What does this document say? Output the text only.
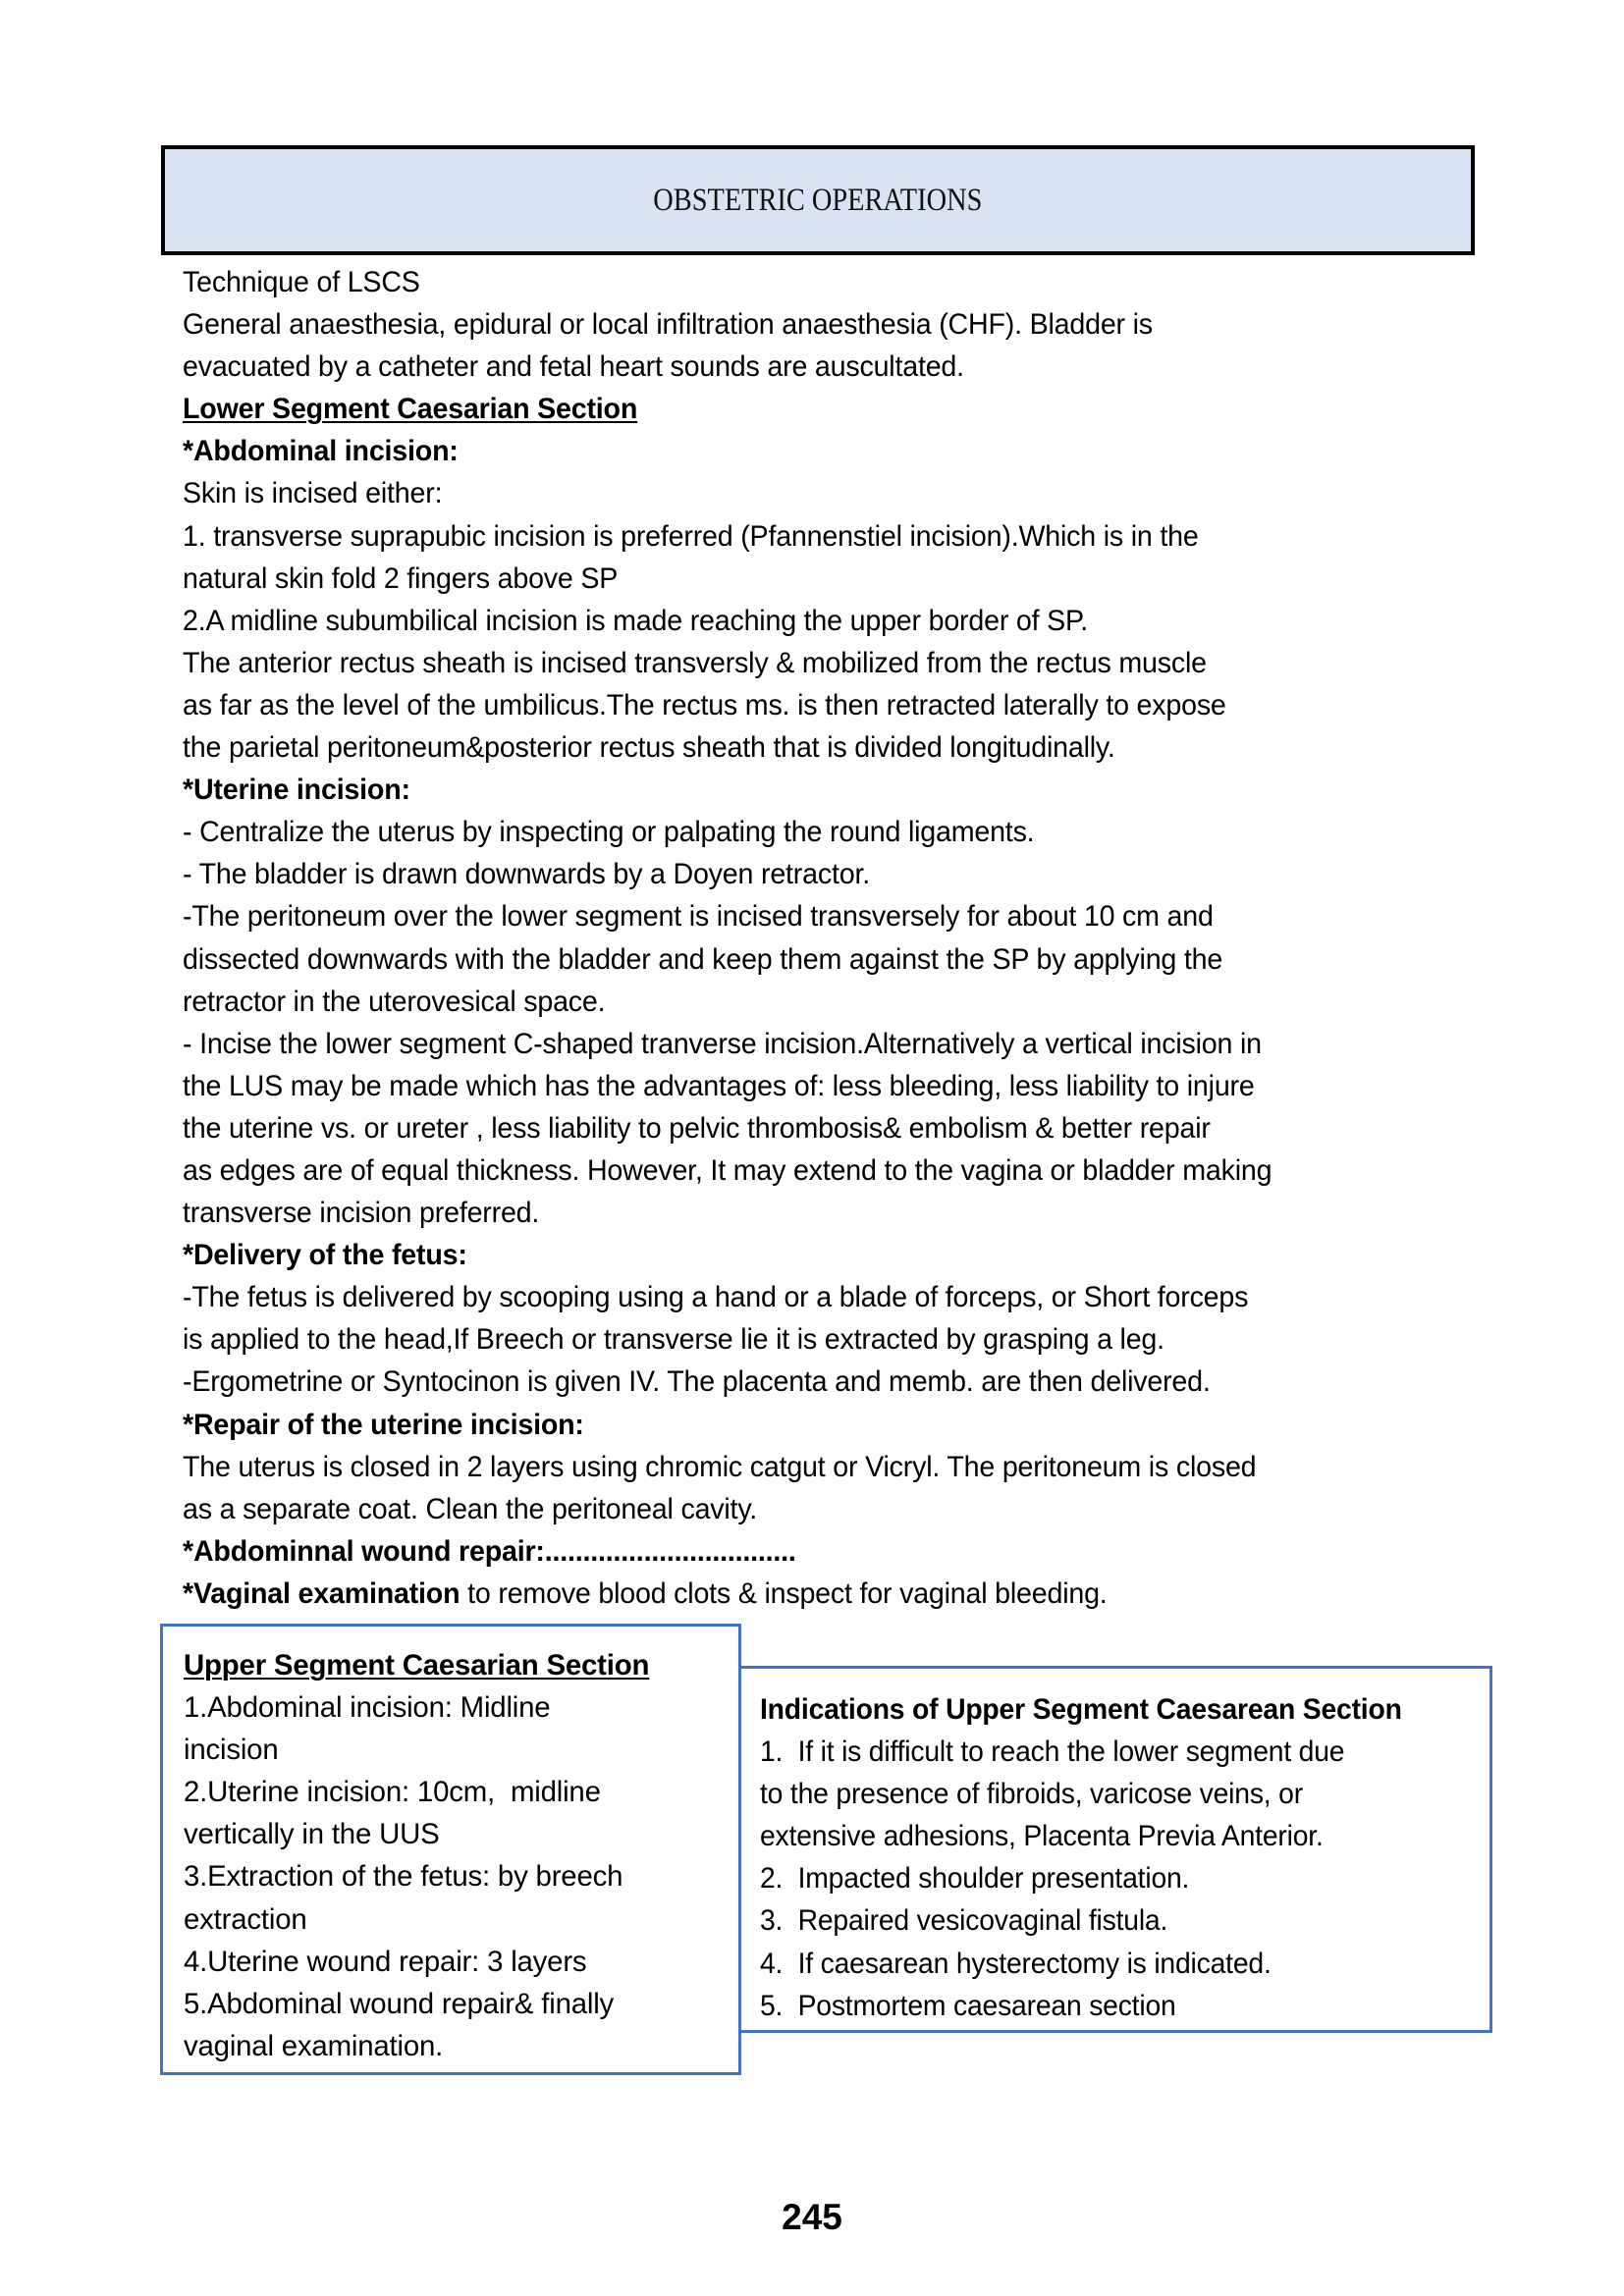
OBSTETRIC OPERATIONS
Technique of LSCS
General anaesthesia, epidural or local infiltration anaesthesia (CHF). Bladder is
evacuated by a catheter and fetal heart sounds are auscultated.
Lower Segment Caesarian Section
*Abdominal incision:
Skin is incised either:
1. transverse suprapubic incision is preferred (Pfannenstiel incision).Which is in the
natural skin fold 2 fingers above SP
2.A midline subumbilical incision is made reaching the upper border of SP.
The anterior rectus sheath is incised transversly & mobilized from the rectus muscle
as far as the level of the umbilicus.The rectus ms. is then retracted laterally to expose
the parietal peritoneum&posterior rectus sheath that is divided longitudinally.
*Uterine incision:
- Centralize the uterus by inspecting or palpating the round ligaments.
- The bladder is drawn downwards by a Doyen retractor.
-The peritoneum over the lower segment is incised transversely for about 10 cm and
dissected downwards with the bladder and keep them against the SP by applying the
retractor in the uterovesical space.
- Incise the lower segment C-shaped tranverse incision.Alternatively a vertical incision in
the LUS may be made which has the advantages of: less bleeding, less liability to injure
the uterine vs. or ureter , less liability to pelvic thrombosis& embolism & better repair
as edges are of equal thickness. However, It may extend to the vagina or bladder making
transverse incision preferred.
*Delivery of the fetus:
-The fetus is delivered by scooping using a hand or a blade of forceps, or Short forceps
is applied to the head,If Breech or transverse lie it is extracted by grasping a leg.
-Ergometrine or Syntocinon is given IV. The placenta and memb. are then delivered.
*Repair of the uterine incision:
The uterus is closed in 2 layers using chromic catgut or Vicryl. The peritoneum is closed
as a separate coat. Clean the peritoneal cavity.
*Abdominnal wound repair:.................................
*Vaginal examination to remove blood clots & inspect for vaginal bleeding.
Upper Segment Caesarian Section
1.Abdominal incision: Midline
incision
2.Uterine incision: 10cm,  midline
vertically in the UUS
3.Extraction of the fetus: by breech
extraction
4.Uterine wound repair: 3 layers
5.Abdominal wound repair& finally
vaginal examination.
Indications of Upper Segment Caesarean Section
1.  If it is difficult to reach the lower segment due
to the presence of fibroids, varicose veins, or
extensive adhesions, Placenta Previa Anterior.
2.  Impacted shoulder presentation.
3.  Repaired vesicovaginal fistula.
4.  If caesarean hysterectomy is indicated.
5.  Postmortem caesarean section
245
